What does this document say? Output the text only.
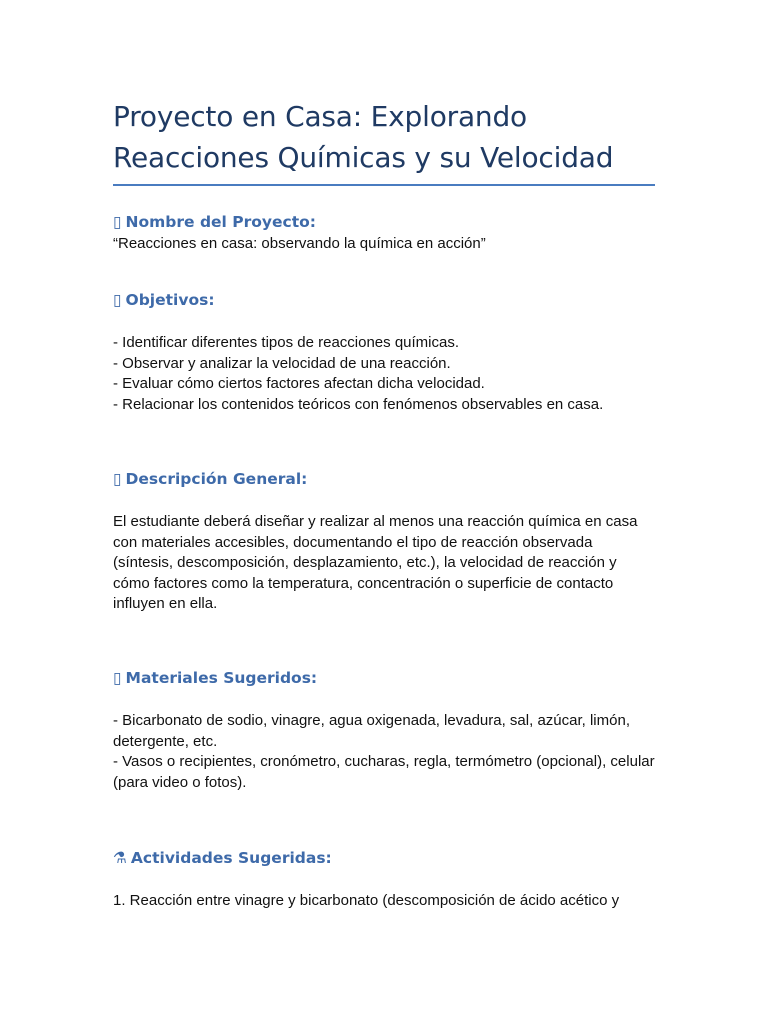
Proyecto en Casa: Explorando
Reacciones Químicas y su Velocidad

▯ Nombre del Proyecto:

“Reacciones en casa: observando la química en acción”

▯ Objetivos:

- Identificar diferentes tipos de reacciones químicas.

- Observar y analizar la velocidad de una reacción.

- Evaluar cómo ciertos factores afectan dicha velocidad.

- Relacionar los contenidos teóricos con fenómenos observables en casa.

▯ Descripción General:

El estudiante deberá diseñar y realizar al menos una reacción química en casa con materiales accesibles, documentando el tipo de reacción observada (síntesis, descomposición, desplazamiento, etc.), la velocidad de reacción y cómo factores como la temperatura, concentración o superficie de contacto influyen en ella.

▯ Materiales Sugeridos:

- Bicarbonato de sodio, vinagre, agua oxigenada, levadura, sal, azúcar, limón, detergente, etc.

- Vasos o recipientes, cronómetro, cucharas, regla, termómetro (opcional), celular (para video o fotos).

⚗ Actividades Sugeridas:

1. Reacción entre vinagre y bicarbonato (descomposición de ácido acético y
